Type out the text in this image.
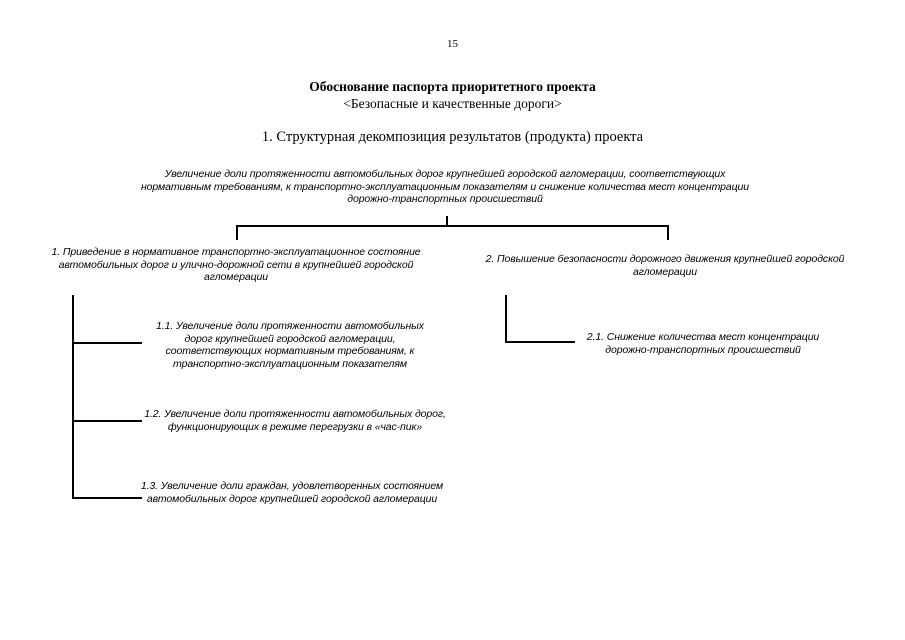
15
Обоснование паспорта приоритетного проекта
<Безопасные и качественные дороги>
1. Структурная декомпозиция результатов (продукта) проекта
Увеличение доли протяженности автомобильных дорог крупнейшей городской агломерации, соответствующих нормативным требованиям, к транспортно-эксплуатационным показателям и снижение количества мест концентрации дорожно-транспортных происшествий
1. Приведение в нормативное транспортно-эксплуатационное состояние автомобильных дорог и улично-дорожной сети в крупнейшей городской агломерации
1.1. Увеличение доли протяженности автомобильных дорог крупнейшей городской агломерации, соответствующих нормативным требованиям, к транспортно-эксплуатационным показателям
1.2. Увеличение доли протяженности автомобильных дорог, функционирующих в режиме перегрузки в «час-пик»
1.3. Увеличение доли граждан, удовлетворенных состоянием автомобильных дорог крупнейшей городской агломерации
2. Повышение безопасности дорожного движения крупнейшей городской агломерации
2.1. Снижение количества мест концентрации дорожно-транспортных происшествий
